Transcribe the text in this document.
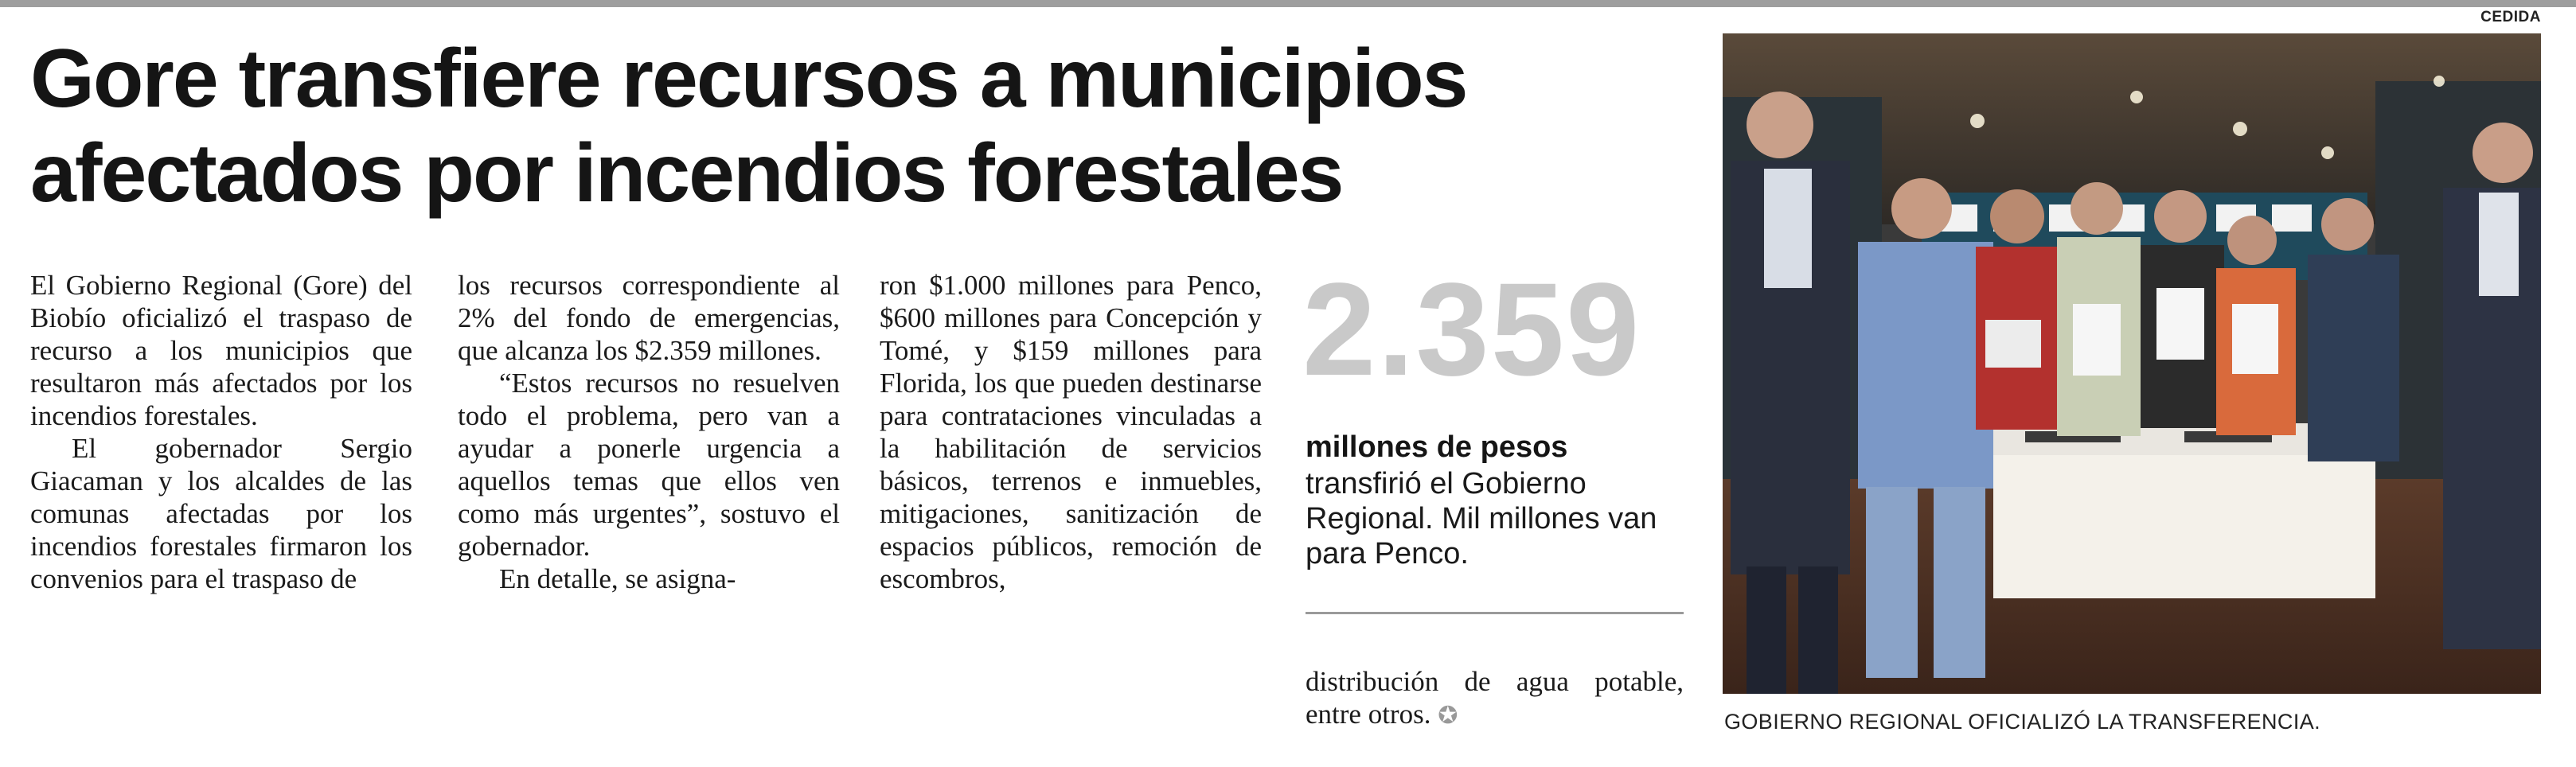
Gore transfiere recursos a municipios afectados por incendios forestales

El Gobierno Regional (Gore) del Biobío oficializó el traspaso de recurso a los municipios que resultaron más afectados por los incendios forestales.

El gobernador Sergio Giacaman y los alcaldes de las comunas afectadas por los incendios forestales firmaron los convenios para el traspaso de

los recursos correspondiente al 2% del fondo de emergencias, que alcanza los $2.359 millones.

“Estos recursos no resuelven todo el problema, pero van a ayudar a ponerle urgencia a aquellos temas que ellos ven como más urgentes”, sostuvo el gobernador.

En detalle, se asigna-

ron $1.000 millones para Penco, $600 millones para Concepción y Tomé, y $159 millones para Florida, los que pueden destinarse para contrataciones vinculadas a la habilitación de servicios básicos, terrenos e inmuebles, mitigaciones, sanitización de espacios públicos, remoción de escombros,

2.359
millones de pesos

transfirió el Gobierno Regional. Mil millones van para Penco.

distribución de agua potable, entre otros. ✪

CEDIDA
GOBIERNO REGIONAL OFICIALIZÓ LA TRANSFERENCIA.
